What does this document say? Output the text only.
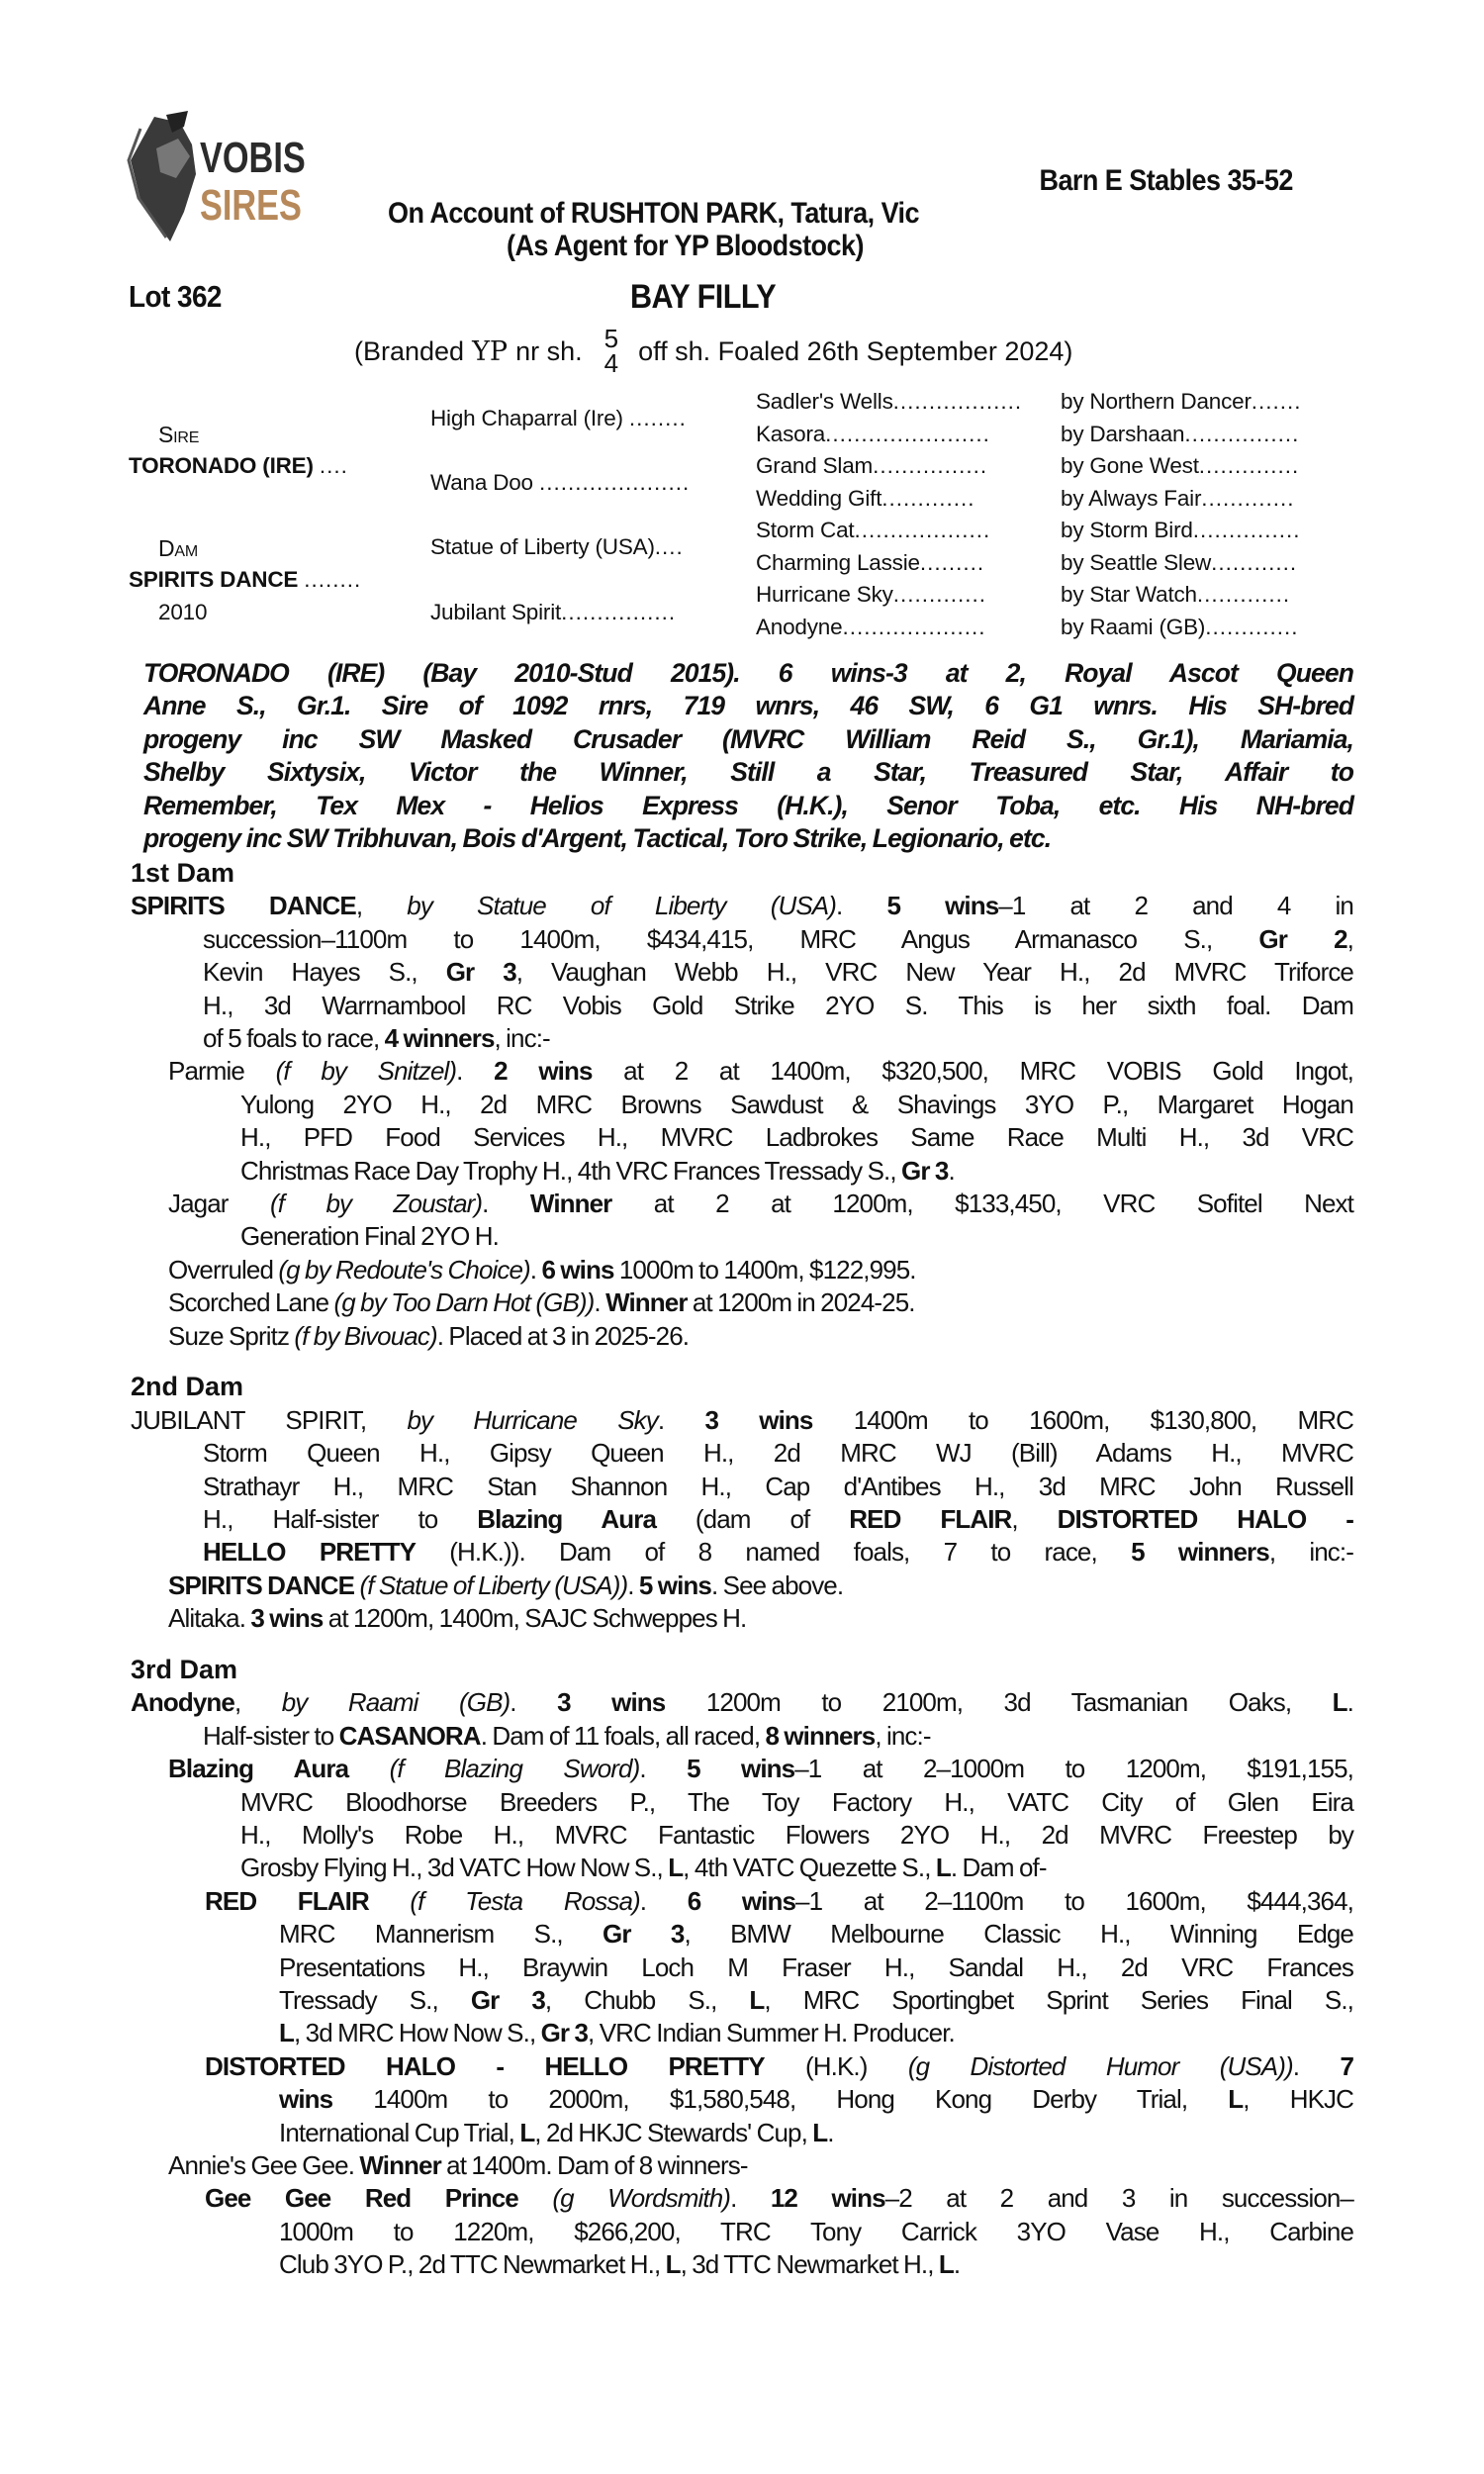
VOBIS
SIRES
Barn E Stables 35-52
On Account of RUSHTON PARK, Tatura, Vic
(As Agent for YP Bloodstock)
Lot 362	BAY FILLY
(Branded YP nr sh. 5
4 off sh. Foaled 26th September 2024)
Sire
TORONADO (IRE) ....
Dam
SPIRITS DANCE ........
2010
High Chaparral (Ire) ........
Wana Doo .....................
Statue of Liberty (USA)....
Jubilant Spirit................
Sadler's Wells.................. by Northern Dancer.......
Kasora.......................	by Darshaan................
Grand Slam................	by Gone West..............
Wedding Gift.............	by Always Fair.............
Storm Cat...................	by Storm Bird...............
Charming Lassie.........	by Seattle Slew............
Hurricane Sky.............	by Star Watch.............
Anodyne....................	by Raami (GB).............
TORONADO (IRE) (Bay 2010-Stud 2015). 6 wins-3 at 2, Royal Ascot Queen
Anne S., Gr.1. Sire of 1092 rnrs, 719 wnrs, 46 SW, 6 G1 wnrs. His SH-bred
progeny inc SW Masked Crusader (MVRC William Reid S., Gr.1), Mariamia,
Shelby Sixtysix, Victor the Winner, Still a Star, Treasured Star, Affair to
Remember, Tex Mex - Helios Express (H.K.), Senor Toba, etc. His NH-bred
progeny inc SW Tribhuvan, Bois d'Argent, Tactical, Toro Strike, Legionario, etc.
1st Dam
SPIRITS DANCE, by Statue of Liberty (USA). 5 wins–1 at 2 and 4 in
succession–1100m to 1400m, $434,415, MRC Angus Armanasco S., Gr 2,
Kevin Hayes S., Gr 3, Vaughan Webb H., VRC New Year H., 2d MVRC Triforce
H., 3d Warrnambool RC Vobis Gold Strike 2YO S. This is her sixth foal. Dam
of 5 foals to race, 4 winners, inc:-
Parmie (f by Snitzel). 2 wins at 2 at 1400m, $320,500, MRC VOBIS Gold Ingot,
Yulong 2YO H., 2d MRC Browns Sawdust & Shavings 3YO P., Margaret Hogan
H., PFD Food Services H., MVRC Ladbrokes Same Race Multi H., 3d VRC
Christmas Race Day Trophy H., 4th VRC Frances Tressady S., Gr 3.
Jagar (f by Zoustar). Winner at 2 at 1200m, $133,450, VRC Sofitel Next
Generation Final 2YO H.
Overruled (g by Redoute's Choice). 6 wins 1000m to 1400m, $122,995.
Scorched Lane (g by Too Darn Hot (GB)). Winner at 1200m in 2024-25.
Suze Spritz (f by Bivouac). Placed at 3 in 2025-26.
2nd Dam
JUBILANT SPIRIT, by Hurricane Sky. 3 wins 1400m to 1600m, $130,800, MRC
Storm Queen H., Gipsy Queen H., 2d MRC WJ (Bill) Adams H., MVRC
Strathayr H., MRC Stan Shannon H., Cap d'Antibes H., 3d MRC John Russell
H., Half-sister to Blazing Aura (dam of RED FLAIR, DISTORTED HALO -
HELLO PRETTY (H.K.)). Dam of 8 named foals, 7 to race, 5 winners, inc:-
SPIRITS DANCE (f Statue of Liberty (USA)). 5 wins. See above.
Alitaka. 3 wins at 1200m, 1400m, SAJC Schweppes H.
3rd Dam
Anodyne, by Raami (GB). 3 wins 1200m to 2100m, 3d Tasmanian Oaks, L.
Half-sister to CASANORA. Dam of 11 foals, all raced, 8 winners, inc:-
Blazing Aura (f Blazing Sword). 5 wins–1 at 2–1000m to 1200m, $191,155,
MVRC Bloodhorse Breeders P., The Toy Factory H., VATC City of Glen Eira
H., Molly's Robe H., MVRC Fantastic Flowers 2YO H., 2d MVRC Freestep by
Grosby Flying H., 3d VATC How Now S., L, 4th VATC Quezette S., L. Dam of-
RED FLAIR (f Testa Rossa). 6 wins–1 at 2–1100m to 1600m, $444,364,
MRC Mannerism S., Gr 3, BMW Melbourne Classic H., Winning Edge
Presentations H., Braywin Loch M Fraser H., Sandal H., 2d VRC Frances
Tressady S., Gr 3, Chubb S., L, MRC Sportingbet Sprint Series Final S.,
L, 3d MRC How Now S., Gr 3, VRC Indian Summer H. Producer.
DISTORTED HALO - HELLO PRETTY (H.K.) (g Distorted Humor (USA)). 7
wins 1400m to 2000m, $1,580,548, Hong Kong Derby Trial, L, HKJC
International Cup Trial, L, 2d HKJC Stewards' Cup, L.
Annie's Gee Gee. Winner at 1400m. Dam of 8 winners-
Gee Gee Red Prince (g Wordsmith). 12 wins–2 at 2 and 3 in succession–
1000m to 1220m, $266,200, TRC Tony Carrick 3YO Vase H., Carbine
Club 3YO P., 2d TTC Newmarket H., L, 3d TTC Newmarket H., L.
